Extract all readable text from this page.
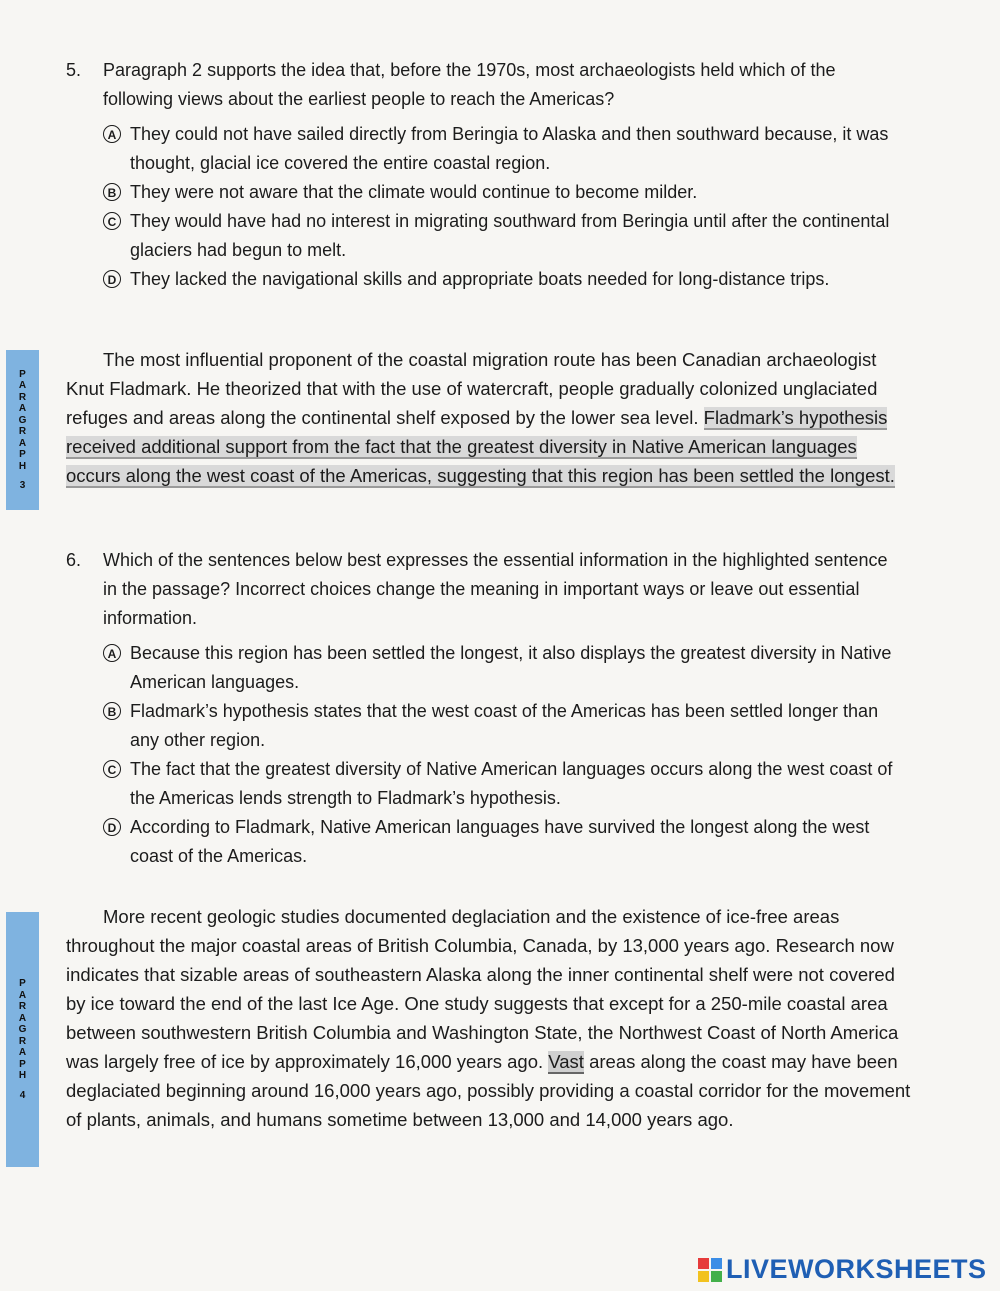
5.	Paragraph 2 supports the idea that, before the 1970s, most archaeologists held which of the following views about the earliest people to reach the Americas?
A They could not have sailed directly from Beringia to Alaska and then southward because, it was thought, glacial ice covered the entire coastal region.
B They were not aware that the climate would continue to become milder.
C They would have had no interest in migrating southward from Beringia until after the continental glaciers had begun to melt.
D They lacked the navigational skills and appropriate boats needed for long-distance trips.
P
A
R
A
G
R
A
P
H
3
The most influential proponent of the coastal migration route has been Canadian archaeologist Knut Fladmark. He theorized that with the use of watercraft, people gradually colonized unglaciated refuges and areas along the continental shelf exposed by the lower sea level. Fladmark’s hypothesis received additional support from the fact that the greatest diversity in Native American languages occurs along the west coast of the Americas, suggesting that this region has been settled the longest.
6.	Which of the sentences below best expresses the essential information in the highlighted sentence in the passage? Incorrect choices change the meaning in important ways or leave out essential information.
A Because this region has been settled the longest, it also displays the greatest diversity in Native American languages.
B Fladmark’s hypothesis states that the west coast of the Americas has been settled longer than any other region.
C The fact that the greatest diversity of Native American languages occurs along the west coast of the Americas lends strength to Fladmark’s hypothesis.
D According to Fladmark, Native American languages have survived the longest along the west coast of the Americas.
P
A
R
A
G
R
A
P
H
4
More recent geologic studies documented deglaciation and the existence of ice-free areas throughout the major coastal areas of British Columbia, Canada, by 13,000 years ago. Research now indicates that sizable areas of southeastern Alaska along the inner continental shelf were not covered by ice toward the end of the last Ice Age. One study suggests that except for a 250-mile coastal area between southwestern British Columbia and Washington State, the Northwest Coast of North America was largely free of ice by approximately 16,000 years ago. Vast areas along the coast may have been deglaciated beginning around 16,000 years ago, possibly providing a coastal corridor for the movement of plants, animals, and humans sometime between 13,000 and 14,000 years ago.
LIVEWORKSHEETS
